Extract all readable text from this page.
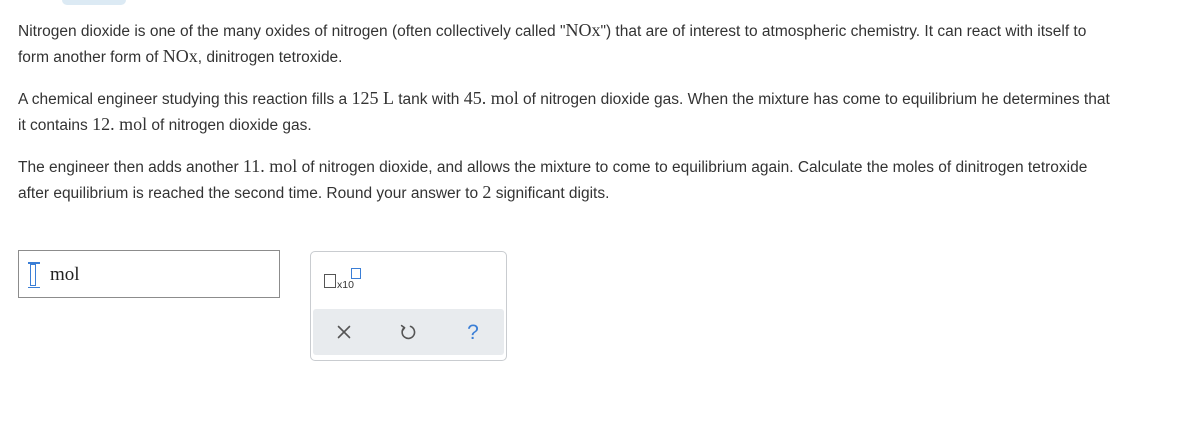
Nitrogen dioxide is one of the many oxides of nitrogen (often collectively called "NOx") that are of interest to atmospheric chemistry. It can react with itself to
form another form of NOx, dinitrogen tetroxide.

A chemical engineer studying this reaction fills a 125 L tank with 45. mol of nitrogen dioxide gas. When the mixture has come to equilibrium he determines that
it contains 12. mol of nitrogen dioxide gas.

The engineer then adds another 11. mol of nitrogen dioxide, and allows the mixture to come to equilibrium again. Calculate the moles of dinitrogen tetroxide
after equilibrium is reached the second time. Round your answer to 2 significant digits.

mol	x10
?
